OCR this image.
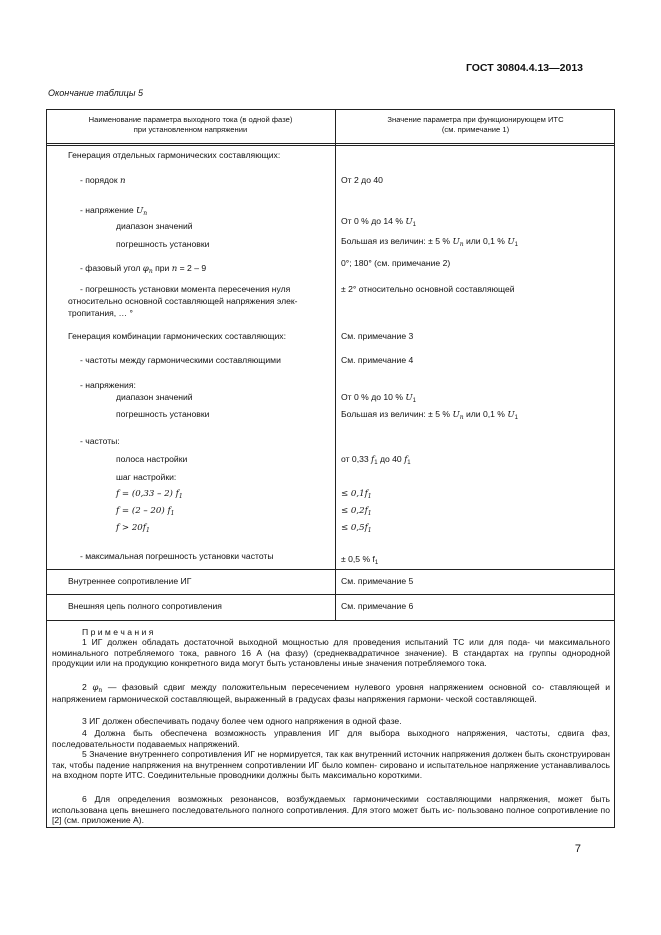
ГОСТ 30804.4.13—2013
Окончание таблицы 5
Наименование параметра выходного тока (в одной фазе)
при установленном напряжении
Значение параметра при функционирующем ИТС
(см. примечание 1)
Генерация отдельных гармонических составляющих:
- порядок n	От 2 до 40
- напряжение $U_n$
диапазон значений	От 0 % до 14 % $U_1$
погрешность установки	Большая из величин: ± 5 % $U_n$ или 0,1 % $U_1$
- фазовый угол $\varphi_n$ при n = 2 – 9	0°; 180° (см. примечание 2)
- погрешность установки момента пересечения нуля
относительно основной составляющей напряжения элек-
тропитания, … °
± 2° относительно основной составляющей
Генерация комбинации гармонических составляющих:	См. примечание 3
- частоты между гармоническими составляющими	См. примечание 4
- напряжения:
диапазон значений	От 0 % до 10 % $U_1$
погрешность установки	Большая из величин: ± 5 % $U_n$ или 0,1 % $U_1$
- частоты:
полоса настройки	от 0,33 $f_1$ до 40 $f_1$
шаг настройки:
f = (0,33 – 2) $f_1$	≤ $0,1f_1$
f = (2 – 20) $f_1$	≤ $0,2f_1$
$f > 20f_1$	≤ $0,5f_1$
- максимальная погрешность установки частоты	± 0,5 % $f_1$
Внутреннее сопротивление ИГ	См. примечание 5
Внешняя цепь полного сопротивления	См. примечание 6
П р и м е ч а н и я
1 ИГ должен обладать достаточной выходной мощностью для проведения испытаний ТС или для пода- чи максимального номинального потребляемого тока, равного 16 А (на фазу) (среднеквадратичное значение). В стандартах на группы однородной продукции или на продукцию конкретного вида могут быть установлены иные значения потребляемого тока.
2 $\varphi_n$ — фазовый сдвиг между положительным пересечением нулевого уровня напряжением основной со- ставляющей и напряжением гармонической составляющей, выраженный в градусах фазы напряжения гармони- ческой составляющей.
3 ИГ должен обеспечивать подачу более чем одного напряжения в одной фазе.
4 Должна быть обеспечена возможность управления ИГ для выбора выходного напряжения, частоты, сдвига фаз, последовательности подаваемых напряжений.
5 Значение внутреннего сопротивления ИГ не нормируется, так как внутренний источник напряжения должен быть сконструирован так, чтобы падение напряжения на внутреннем сопротивлении ИГ было компен- сировано и испытательное напряжение устанавливалось на входном порте ИТС. Соединительные проводники должны быть максимально короткими.
6 Для определения возможных резонансов, возбуждаемых гармоническими составляющими напряжения, может быть использована цепь внешнего последовательного полного сопротивления. Для этого может быть ис- пользовано полное сопротивление по [2] (см. приложение А).
7
